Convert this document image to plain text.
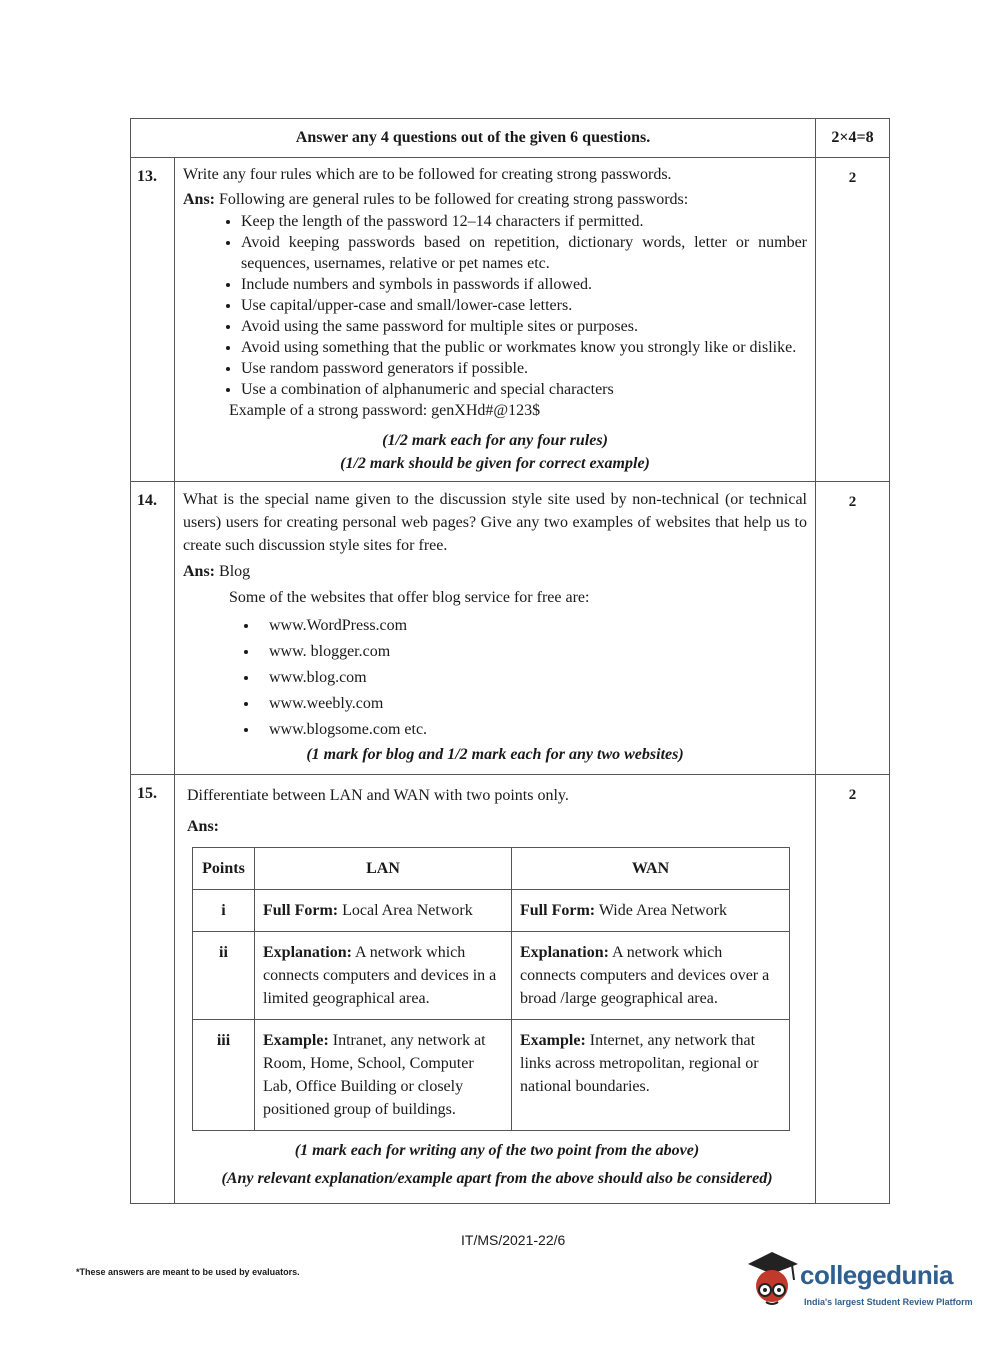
Answer any 4 questions out of the given 6 questions.	2×4=8
13.	Write any four rules which are to be followed for creating strong passwords.
Ans: Following are general rules to be followed for creating strong passwords:
• Keep the length of the password 12–14 characters if permitted.
• Avoid keeping passwords based on repetition, dictionary words, letter or number sequences, usernames, relative or pet names etc.
• Include numbers and symbols in passwords if allowed.
• Use capital/upper-case and small/lower-case letters.
• Avoid using the same password for multiple sites or purposes.
• Avoid using something that the public or workmates know you strongly like or dislike.
• Use random password generators if possible.
• Use a combination of alphanumeric and special characters
Example of a strong password: genXHd#@123$
(1/2 mark each for any four rules)
(1/2 mark should be given for correct example)
	2
14.	What is the special name given to the discussion style site used by non-technical (or technical users) users for creating personal web pages? Give any two examples of websites that help us to create such discussion style sites for free.
Ans: Blog
Some of the websites that offer blog service for free are:
• www.WordPress.com
• www. blogger.com
• www.blog.com
• www.weebly.com
• www.blogsome.com etc.
(1 mark for blog and 1/2 mark each for any two websites)
	2
15.	Differentiate between LAN and WAN with two points only.
Ans:
Points	LAN	WAN
i	Full Form: Local Area Network	Full Form: Wide Area Network
ii	Explanation: A network which connects computers and devices in a limited geographical area.	Explanation: A network which connects computers and devices over a broad /large geographical area.
iii	Example: Intranet, any network at Room, Home, School, Computer Lab, Office Building or closely positioned group of buildings.	Example: Internet, any network that links across metropolitan, regional or national boundaries.
(1 mark each for writing any of the two point from the above)
(Any relevant explanation/example apart from the above should also be considered)
	2
IT/MS/2021-22/6
*These answers are meant to be used by evaluators.	collegedunia
India's largest Student Review Platform
